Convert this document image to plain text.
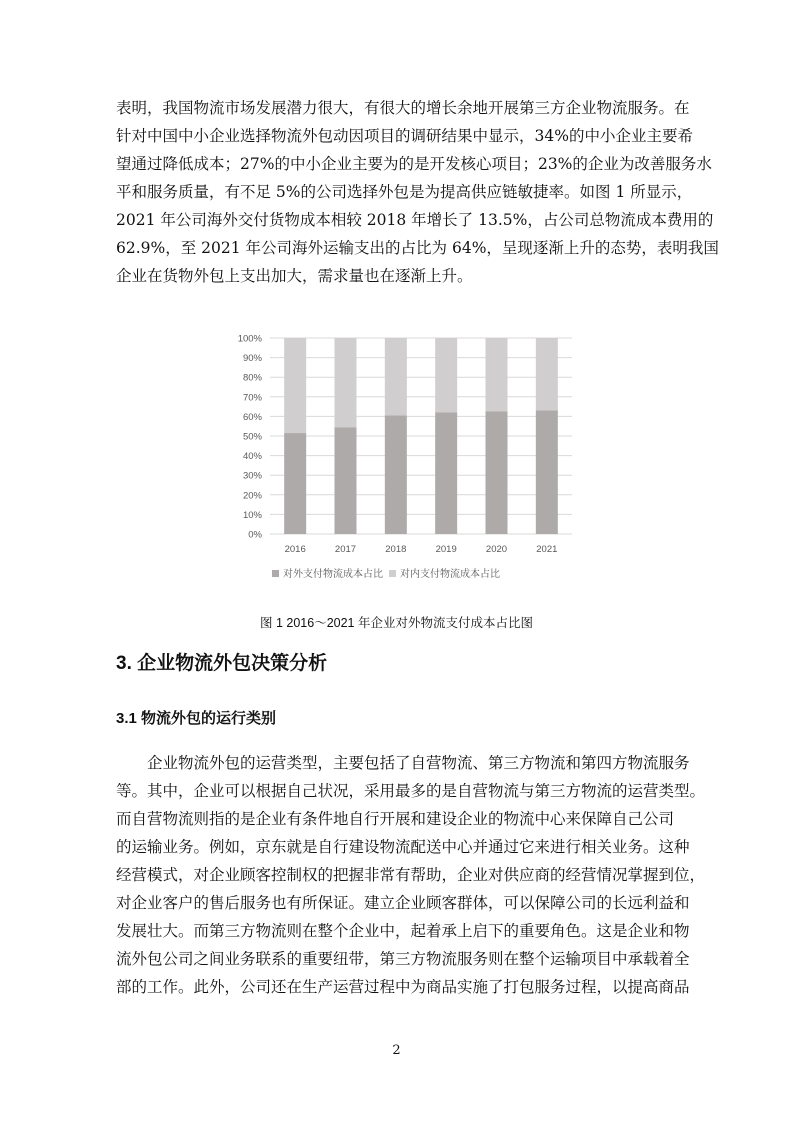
表明，我国物流市场发展潜力很大，有很大的增长余地开展第三方企业物流服务。在
针对中国中小企业选择物流外包动因项目的调研结果中显示，34%的中小企业主要希
望通过降低成本；27%的中小企业主要为的是开发核心项目；23%的企业为改善服务水
平和服务质量，有不足 5%的公司选择外包是为提高供应链敏捷率。如图 1 所显示，
2021 年公司海外交付货物成本相较 2018 年增长了 13.5%，占公司总物流成本费用的
62.9%，至 2021 年公司海外运输支出的占比为 64%，呈现逐渐上升的态势，表明我国
企业在货物外包上支出加大，需求量也在逐渐上升。
0%
10%
20%
30%
40%
50%
60%
70%
80%
90%
100%
2016	2017	2018	2019	2020	2021
对外支付物流成本占比 对内支付物流成本占比
图 1 2016～2021 年企业对外物流支付成本占比图
3. 企业物流外包决策分析
3.1 物流外包的运行类别
企业物流外包的运营类型，主要包括了自营物流、第三方物流和第四方物流服务
等。其中，企业可以根据自己状况，采用最多的是自营物流与第三方物流的运营类型。
而自营物流则指的是企业有条件地自行开展和建设企业的物流中心来保障自己公司
的运输业务。例如，京东就是自行建设物流配送中心并通过它来进行相关业务。这种
经营模式，对企业顾客控制权的把握非常有帮助，企业对供应商的经营情况掌握到位，
对企业客户的售后服务也有所保证。建立企业顾客群体，可以保障公司的长远利益和
发展壮大。而第三方物流则在整个企业中，起着承上启下的重要角色。这是企业和物
流外包公司之间业务联系的重要纽带，第三方物流服务则在整个运输项目中承载着全
部的工作。此外，公司还在生产运营过程中为商品实施了打包服务过程，以提高商品
2
